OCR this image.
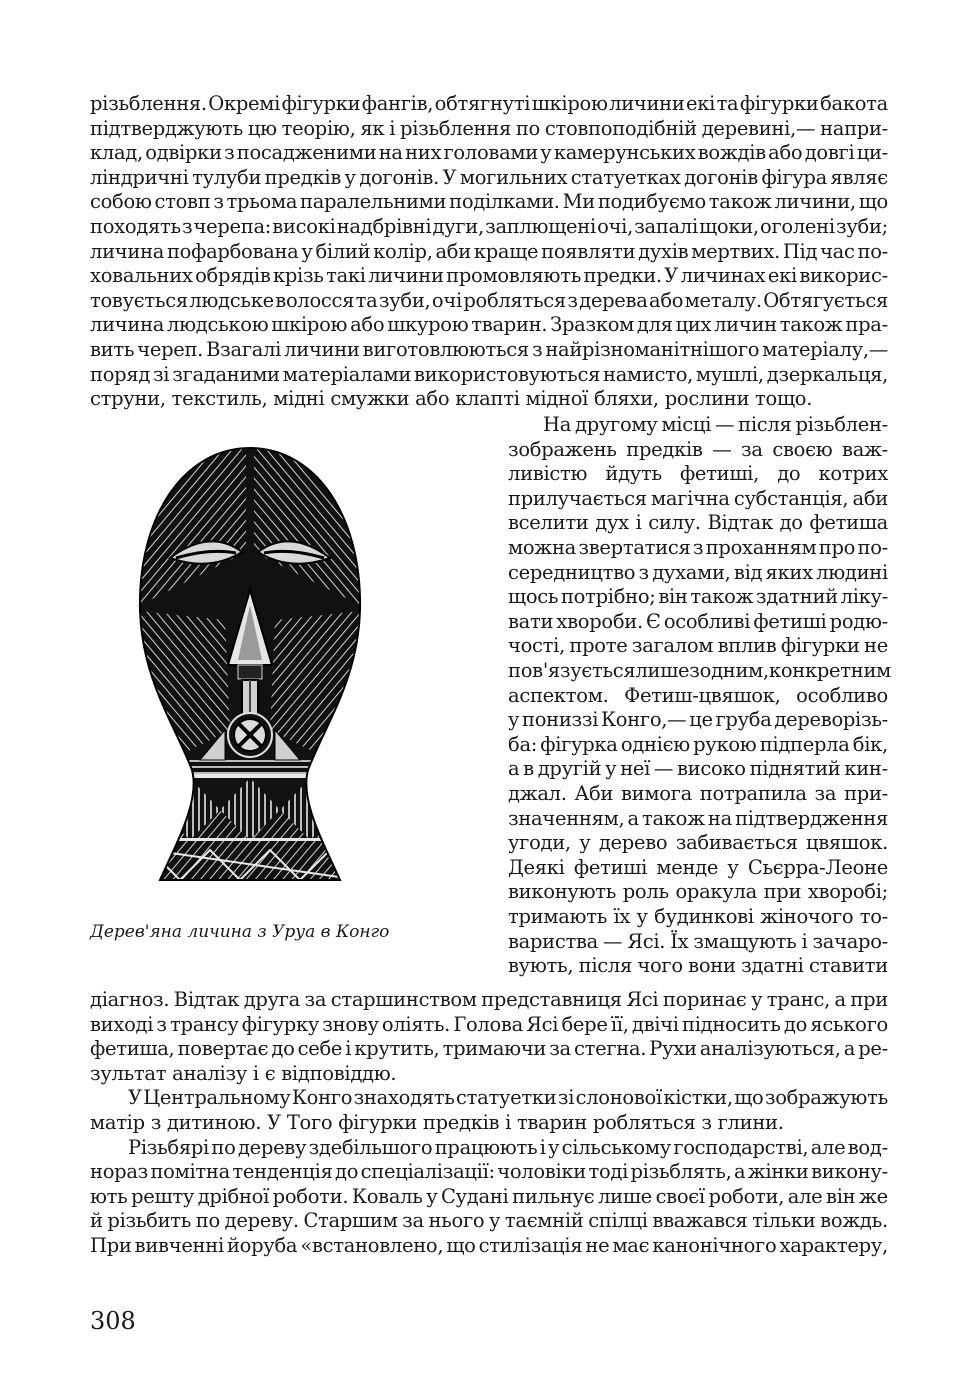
різьблення. Окремі фігурки фангів, обтягнуті шкірою личини екі та фігурки бакота
підтверджують цю теорію, як і різьблення по стовпоподібній деревині,— напри-
клад, одвірки з посадженими на них головами у камерунських вождів або довгі ци-
ліндричні тулуби предків у догонів. У могильних статуетках догонів фігура являє
собою стовп з трьома паралельними поділками. Ми подибуємо також личини, що
походять з черепа: високі надбрівні дуги, заплющені очі, запалі щоки, оголені зуби;
личина пофарбована у білий колір, аби краще появляти духів мертвих. Під час по-
ховальних обрядів крізь такі личини промовляють предки. У личинах екі викорис-
товується людське волосся та зуби, очі робляться з дерева або металу. Обтягується
личина людською шкірою або шкурою тварин. Зразком для цих личин також пра-
вить череп. Взагалі личини виготовлюються з найрізноманітнішого матеріалу,—
поряд зі згаданими матеріалами використовуються намисто, мушлі, дзеркальця,
струни, текстиль, мідні смужки або клапті мідної бляхи, рослини тощо.
Дерев'яна личина з Уруа в Конго
На другому місці — після різьблен-
зображень предків — за своєю важ-
ливістю йдуть фетиші, до котрих
прилучається магічна субстанція, аби
вселити дух і силу. Відтак до фетиша
можна звертатися з проханням про по-
середництво з духами, від яких людині
щось потрібно; він також здатний ліку-
вати хвороби. Є особливі фетиші родю-
чості, проте загалом вплив фігурки не
пов'язується лише з одним, конкретним
аспектом. Фетиш-цвяшок, особливо
у пониззі Конго,— це груба дереворізь-
ба: фігурка однією рукою підперла бік,
а в другій у неї — високо піднятий кин-
джал. Аби вимога потрапила за при-
значенням, а також на підтвердження
угоди, у дерево забивається цвяшок.
Деякі фетиші менде у Сьєрра-Леоне
виконують роль оракула при хворобі;
тримають їх у будинкові жіночого то-
вариства — Ясі. Їх змащують і зачаро-
вують, після чого вони здатні ставити
діагноз. Відтак друга за старшинством представниця Ясі поринає у транс, а при
виході з трансу фігурку знову оліять. Голова Ясі бере її, двічі підносить до яського
фетиша, повертає до себе і крутить, тримаючи за стегна. Рухи аналізуються, а ре-
зультат аналізу і є відповіддю.
У Центральному Конго знаходять статуетки зі слонової кістки, що зображують
матір з дитиною. У Того фігурки предків і тварин робляться з глини.
Різьбярі по дереву здебільшого працюють і у сільському господарстві, але вод-
нораз помітна тенденція до спеціалізації: чоловіки тоді різьблять, а жінки викону-
ють решту дрібної роботи. Коваль у Судані пильнує лише своєї роботи, але він же
й різьбить по дереву. Старшим за нього у таємній спілці вважався тільки вождь.
При вивченні йоруба «встановлено, що стилізація не має канонічного характеру,
308
